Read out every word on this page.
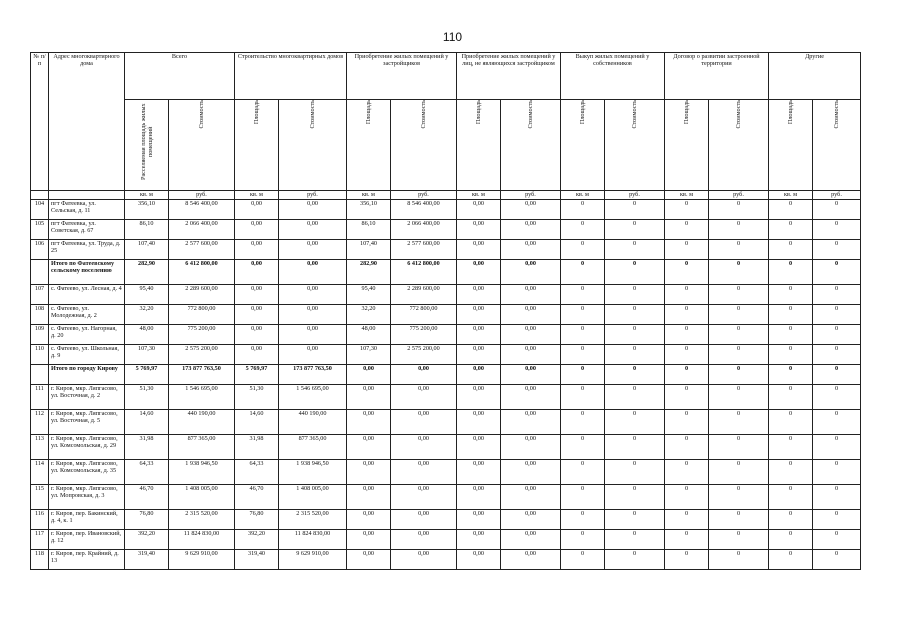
110
№ п/п	Адрес многоквартирного дома	Всего		Строительство многоквартирных домов		Приобретение жилых помещений у застройщиков		Приобретение жилых помещений у лиц, не являющихся застройщиком		Выкуп жилых помещений у собственников		Договор о развитии застроенной территории		Другие	
		Расселяемая площадь жилых помещений	Стоимость	Площадь	Стоимость	Площадь	Стоимость	Площадь	Стоимость	Площадь	Стоимость	Площадь	Стоимость	Площадь	Стоимость
		кв. м	руб.	кв. м	руб.	кв. м	руб.	кв. м	руб.	кв. м	руб.	кв. м	руб.	кв. м	руб.
104	пгт Фатеевка, ул. Сельская, д. 11	356,10	8 546 400,00	0,00	0,00	356,10	8 546 400,00	0,00	0,00	0	0	0	0	0	0
105	пгт Фатеевка, ул. Советская, д. 67	86,10	2 066 400,00	0,00	0,00	86,10	2 066 400,00	0,00	0,00	0	0	0	0	0	0
106	пгт Фатеевка, ул. Труда, д. 25	107,40	2 577 600,00	0,00	0,00	107,40	2 577 600,00	0,00	0,00	0	0	0	0	0	0
	Итого по Фатеевскому сельскому поселению	282,90	6 412 800,00	0,00	0,00	282,90	6 412 800,00	0,00	0,00	0	0	0	0	0	0
107	с. Фатеево, ул. Лесная, д. 4	95,40	2 289 600,00	0,00	0,00	95,40	2 289 600,00	0,00	0,00	0	0	0	0	0	0
108	с. Фатеево, ул. Молодежная, д. 2	32,20	772 800,00	0,00	0,00	32,20	772 800,00	0,00	0,00	0	0	0	0	0	0
109	с. Фатеево, ул. Нагорная, д. 20	48,00	775 200,00	0,00	0,00	48,00	775 200,00	0,00	0,00	0	0	0	0	0	0
110	с. Фатеево, ул. Школьная, д. 9	107,30	2 575 200,00	0,00	0,00	107,30	2 575 200,00	0,00	0,00	0	0	0	0	0	0
	Итого по городу Кирову	5 769,97	173 877 763,50	5 769,97	173 877 763,50	0,00	0,00	0,00	0,00	0	0	0	0	0	0
111	г. Киров, мкр. Ляпгасово, ул. Восточная, д. 2	51,30	1 546 695,00	51,30	1 546 695,00	0,00	0,00	0,00	0,00	0	0	0	0	0	0
112	г. Киров, мкр. Ляпгасово, ул. Восточная, д. 5	14,60	440 190,00	14,60	440 190,00	0,00	0,00	0,00	0,00	0	0	0	0	0	0
113	г. Киров, мкр. Ляпгасово, ул. Комсомольская, д. 29	31,98	877 365,00	31,98	877 365,00	0,00	0,00	0,00	0,00	0	0	0	0	0	0
114	г. Киров, мкр. Ляпгасово, ул. Комсомольская, д. 35	64,33	1 938 946,50	64,33	1 938 946,50	0,00	0,00	0,00	0,00	0	0	0	0	0	0
115	г. Киров, мкр. Ляпгасово, ул. Мопровская, д. 3	46,70	1 408 005,00	46,70	1 408 005,00	0,00	0,00	0,00	0,00	0	0	0	0	0	0
116	г. Киров, пер. Бакинский, д. 4, к. 1	76,80	2 315 520,00	76,80	2 315 520,00	0,00	0,00	0,00	0,00	0	0	0	0	0	0
117	г. Киров, пер. Ивановский, д. 12	392,20	11 824 830,00	392,20	11 824 830,00	0,00	0,00	0,00	0,00	0	0	0	0	0	0
118	г. Киров, пер. Крайний, д. 13	319,40	9 629 910,00	319,40	9 629 910,00	0,00	0,00	0,00	0,00	0	0	0	0	0	0
